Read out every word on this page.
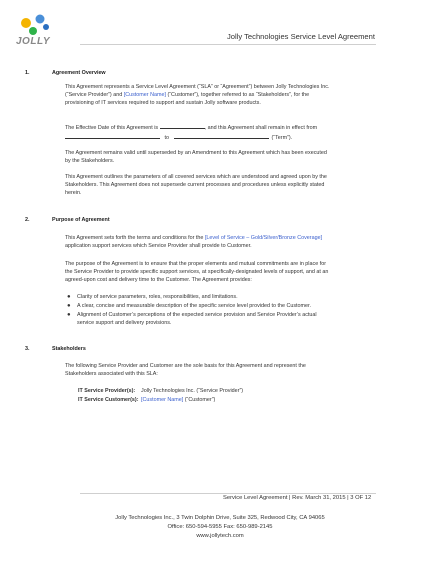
JOLLY	Jolly Technologies Service Level Agreement
1.	Agreement Overview
This Agreement represents a Service Level Agreement (“SLA” or “Agreement”) between Jolly Technologies Inc.
(“Service Provider”) and [Customer Name] (“Customer”), together referred to as “Stakeholders”, for the
provisioning of IT services required to support and sustain Jolly software products.
The Effective Date of this Agreement is	, and this Agreement shall remain in effect from
to	(“Term”).
The Agreement remains valid until superseded by an Amendment to this Agreement which has been executed
by the Stakeholders.
This Agreement outlines the parameters of all covered services which are understood and agreed upon by the
Stakeholders. This Agreement does not supersede current processes and procedures unless explicitly stated
herein.
2.	Purpose of Agreement
This Agreement sets forth the terms and conditions for the [Level of Service – Gold/Silver/Bronze Coverage]
application support services which Service Provider shall provide to Customer.
The purpose of the Agreement is to ensure that the proper elements and mutual commitments are in place for
the Service Provider to provide specific support services, at specifically-designated levels of support, and at an
agreed-upon cost and delivery time to the Customer. The Agreement provides:
● Clarity of service parameters, roles, responsibilities, and limitations.
● A clear, concise and measurable description of the specific service level provided to the Customer.
● Alignment of Customer’s perceptions of the expected service provision and Service Provider’s actual
service support and delivery provisions.
3.	Stakeholders
The following Service Provider and Customer are the sole basis for this Agreement and represent the
Stakeholders associated with this SLA:
IT Service Provider(s): Jolly Technologies Inc. (“Service Provider”)
IT Service Customer(s): [Customer Name] (“Customer”)
Service Level Agreement | Rev. March 31, 2015 | 3 OF 12
Jolly Technologies Inc., 3 Twin Dolphin Drive, Suite 325, Redwood City, CA 94065
Office: 650-594-5955 Fax: 650-989-2145
www.jollytech.com
